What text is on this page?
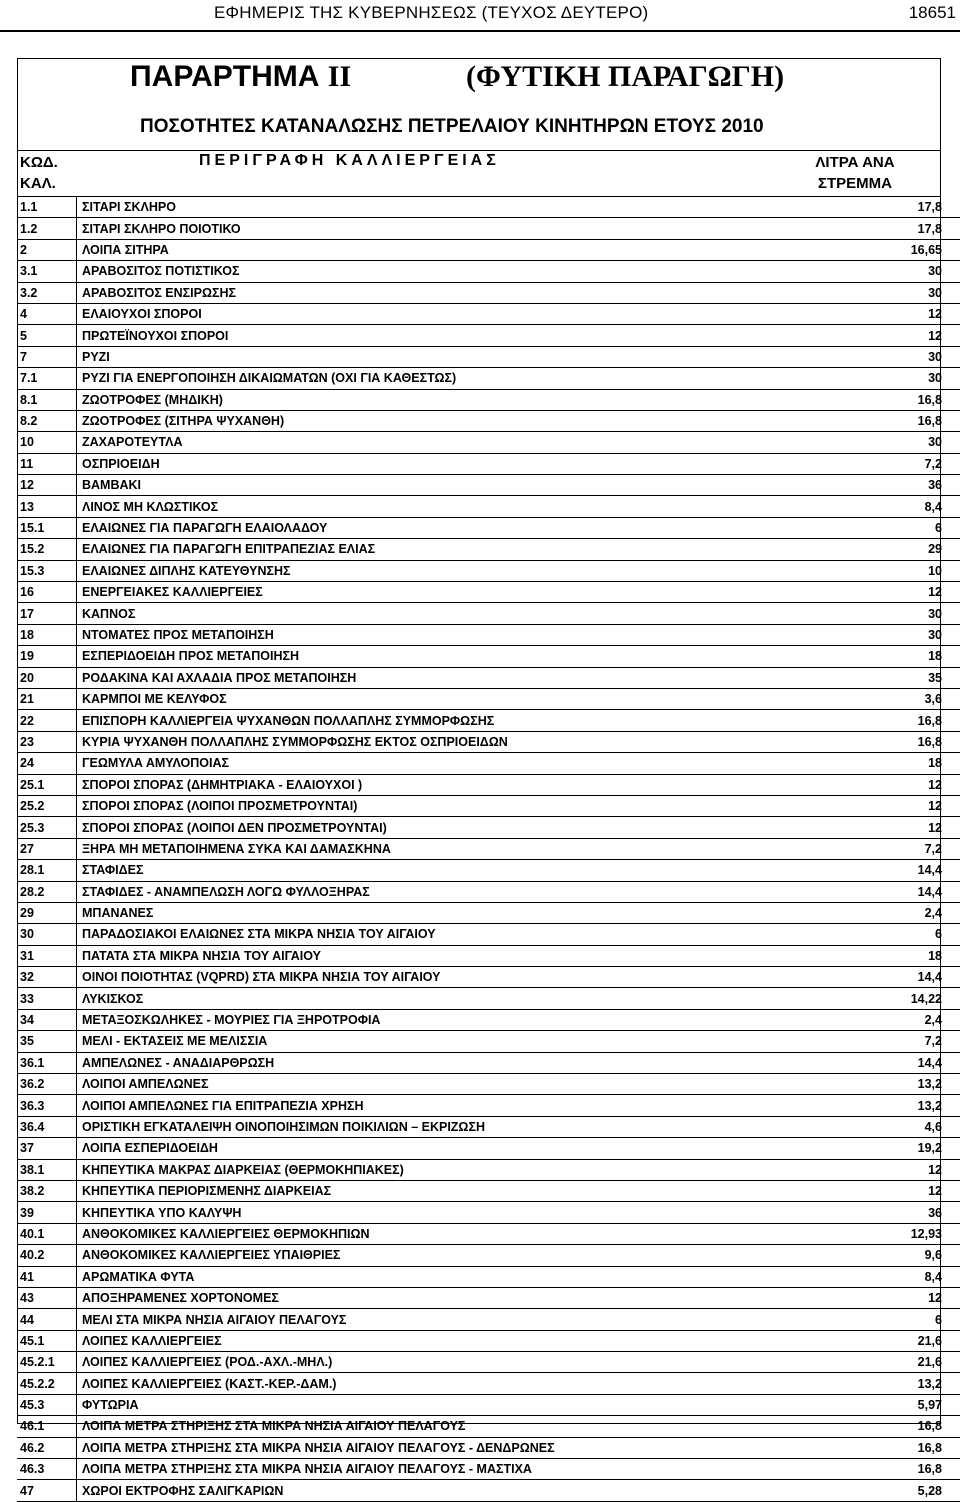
ΕΦΗΜΕΡΙΣ ΤΗΣ ΚΥΒΕΡΝΗΣΕΩΣ (ΤΕΥΧΟΣ ΔΕΥΤΕΡΟ)	18651
ΠΑΡΑΡΤΗΜΑ II	(ΦΥΤΙΚΗ ΠΑΡΑΓΩΓΗ)
ΠΟΣΟΤΗΤΕΣ ΚΑΤΑΝΑΛΩΣΗΣ ΠΕΤΡΕΛΑΙΟΥ ΚΙΝΗΤΗΡΩΝ ΕΤΟΥΣ 2010
ΚΩΔ.
ΚΑΛ.
ΠΕΡΙΓΡΑΦΗ ΚΑΛΛΙΕΡΓΕΙΑΣ	ΛΙΤΡΑ ΑΝΑ
ΣΤΡΕΜΜΑ
1.1	ΣΙΤΑΡΙ ΣΚΛΗΡΟ	17,8
1.2	ΣΙΤΑΡΙ ΣΚΛΗΡΟ ΠΟΙΟΤΙΚΟ	17,8
2	ΛΟΙΠΑ ΣΙΤΗΡΑ	16,65
3.1	ΑΡΑΒΟΣΙΤΟΣ ΠΟΤΙΣΤΙΚΟΣ	30
3.2	ΑΡΑΒΟΣΙΤΟΣ ΕΝΣΙΡΩΣΗΣ	30
4	ΕΛΑΙΟΥΧΟΙ ΣΠΟΡΟΙ	12
5	ΠΡΩΤΕΪΝΟΥΧΟΙ ΣΠΟΡΟΙ	12
7	ΡΥΖΙ	30
7.1	ΡΥΖΙ ΓΙΑ ΕΝΕΡΓΟΠΟΙΗΣΗ ΔΙΚΑΙΩΜΑΤΩΝ (ΟΧΙ ΓΙΑ ΚΑΘΕΣΤΩΣ)	30
8.1	ΖΩΟΤΡΟΦΕΣ (ΜΗΔΙΚΗ)	16,8
8.2	ΖΩΟΤΡΟΦΕΣ (ΣΙΤΗΡΑ ΨΥΧΑΝΘΗ)	16,8
10	ΖΑΧΑΡΟΤΕΥΤΛΑ	30
11	ΟΣΠΡΙΟΕΙΔΗ	7,2
12	ΒΑΜΒΑΚΙ	36
13	ΛΙΝΟΣ ΜΗ ΚΛΩΣΤΙΚΟΣ	8,4
15.1	ΕΛΑΙΩΝΕΣ ΓΙΑ ΠΑΡΑΓΩΓΗ ΕΛΑΙΟΛΑΔΟΥ	6
15.2	ΕΛΑΙΩΝΕΣ ΓΙΑ ΠΑΡΑΓΩΓΗ ΕΠΙΤΡΑΠΕΖΙΑΣ ΕΛΙΑΣ	29
15.3	ΕΛΑΙΩΝΕΣ ΔΙΠΛΗΣ ΚΑΤΕΥΘΥΝΣΗΣ	10
16	ΕΝΕΡΓΕΙΑΚΕΣ ΚΑΛΛΙΕΡΓΕΙΕΣ	12
17	ΚΑΠΝΟΣ	30
18	ΝΤΟΜΑΤΕΣ ΠΡΟΣ ΜΕΤΑΠΟΙΗΣΗ	30
19	ΕΣΠΕΡΙΔΟΕΙΔΗ ΠΡΟΣ ΜΕΤΑΠΟΙΗΣΗ	18
20	ΡΟΔΑΚΙΝΑ ΚΑΙ ΑΧΛΑΔΙΑ ΠΡΟΣ ΜΕΤΑΠΟΙΗΣΗ	35
21	ΚΑΡΜΠΟΙ ΜΕ ΚΕΛΥΦΟΣ	3,6
22	ΕΠΙΣΠΟΡΗ ΚΑΛΛΙΕΡΓΕΙΑ ΨΥΧΑΝΘΩΝ ΠΟΛΛΑΠΛΗΣ ΣΥΜΜΟΡΦΩΣΗΣ	16,8
23	ΚΥΡΙΑ ΨΥΧΑΝΘΗ ΠΟΛΛΑΠΛΗΣ ΣΥΜΜΟΡΦΩΣΗΣ ΕΚΤΟΣ ΟΣΠΡΙΟΕΙΔΩΝ	16,8
24	ΓΕΩΜΥΛΑ ΑΜΥΛΟΠΟΙΑΣ	18
25.1	ΣΠΟΡΟΙ ΣΠΟΡΑΣ (ΔΗΜΗΤΡΙΑΚΑ - ΕΛΑΙΟΥΧΟΙ )	12
25.2	ΣΠΟΡΟΙ ΣΠΟΡΑΣ (ΛΟΙΠΟΙ ΠΡΟΣΜΕΤΡΟΥΝΤΑΙ)	12
25.3	ΣΠΟΡΟΙ ΣΠΟΡΑΣ (ΛΟΙΠΟΙ ΔΕΝ ΠΡΟΣΜΕΤΡΟΥΝΤΑΙ)	12
27	ΞΗΡΑ ΜΗ ΜΕΤΑΠΟΙΗΜΕΝΑ ΣΥΚΑ ΚΑΙ ΔΑΜΑΣΚΗΝΑ	7,2
28.1	ΣΤΑΦΙΔΕΣ	14,4
28.2	ΣΤΑΦΙΔΕΣ - ΑΝΑΜΠΕΛΩΣΗ ΛΟΓΩ ΦΥΛΛΟΞΗΡΑΣ	14,4
29	ΜΠΑΝΑΝΕΣ	2,4
30	ΠΑΡΑΔΟΣΙΑΚΟΙ ΕΛΑΙΩΝΕΣ ΣΤΑ ΜΙΚΡΑ ΝΗΣΙΑ ΤΟΥ ΑΙΓΑΙΟΥ	6
31	ΠΑΤΑΤΑ ΣΤΑ ΜΙΚΡΑ ΝΗΣΙΑ ΤΟΥ ΑΙΓΑΙΟΥ	18
32	ΟΙΝΟΙ ΠΟΙΟΤΗΤΑΣ (VQPRD) ΣΤΑ ΜΙΚΡΑ ΝΗΣΙΑ ΤΟΥ ΑΙΓΑΙΟΥ	14,4
33	ΛΥΚΙΣΚΟΣ	14,22
34	ΜΕΤΑΞΟΣΚΩΛΗΚΕΣ - ΜΟΥΡΙΕΣ ΓΙΑ ΞΗΡΟΤΡΟΦΙΑ	2,4
35	ΜΕΛΙ - ΕΚΤΑΣΕΙΣ ΜΕ ΜΕΛΙΣΣΙΑ	7,2
36.1	ΑΜΠΕΛΩΝΕΣ - ΑΝΑΔΙΑΡΘΡΩΣΗ	14,4
36.2	ΛΟΙΠΟΙ ΑΜΠΕΛΩΝΕΣ	13,2
36.3	ΛΟΙΠΟΙ ΑΜΠΕΛΩΝΕΣ ΓΙΑ ΕΠΙΤΡΑΠΕΖΙΑ ΧΡΗΣΗ	13,2
36.4	ΟΡΙΣΤΙΚΗ ΕΓΚΑΤΑΛΕΙΨΗ ΟΙΝΟΠΟΙΗΣΙΜΩΝ ΠΟΙΚΙΛΙΩΝ – ΕΚΡΙΖΩΣΗ	4,6
37	ΛΟΙΠΑ ΕΣΠΕΡΙΔΟΕΙΔΗ	19,2
38.1	ΚΗΠΕΥΤΙΚΑ ΜΑΚΡΑΣ ΔΙΑΡΚΕΙΑΣ (ΘΕΡΜΟΚΗΠΙΑΚΕΣ)	12
38.2	ΚΗΠΕΥΤΙΚΑ ΠΕΡΙΟΡΙΣΜΕΝΗΣ ΔΙΑΡΚΕΙΑΣ	12
39	ΚΗΠΕΥΤΙΚΑ ΥΠΟ ΚΑΛΥΨΗ	36
40.1	ΑΝΘΟΚΟΜΙΚΕΣ ΚΑΛΛΙΕΡΓΕΙΕΣ ΘΕΡΜΟΚΗΠΙΩΝ	12,93
40.2	ΑΝΘΟΚΟΜΙΚΕΣ ΚΑΛΛΙΕΡΓΕΙΕΣ ΥΠΑΙΘΡΙΕΣ	9,6
41	ΑΡΩΜΑΤΙΚΑ ΦΥΤΑ	8,4
43	ΑΠΟΞΗΡΑΜΕΝΕΣ ΧΟΡΤΟΝΟΜΕΣ	12
44	ΜΕΛΙ ΣΤΑ ΜΙΚΡΑ ΝΗΣΙΑ ΑΙΓΑΙΟΥ ΠΕΛΑΓΟΥΣ	6
45.1	ΛΟΙΠΕΣ ΚΑΛΛΙΕΡΓΕΙΕΣ	21,6
45.2.1	ΛΟΙΠΕΣ ΚΑΛΛΙΕΡΓΕΙΕΣ (ΡΟΔ.-ΑΧΛ.-ΜΗΛ.)	21,6
45.2.2	ΛΟΙΠΕΣ ΚΑΛΛΙΕΡΓΕΙΕΣ (ΚΑΣΤ.-ΚΕΡ.-ΔΑΜ.)	13,2
45.3	ΦΥΤΩΡΙΑ	5,97
46.1	ΛΟΙΠΑ ΜΕΤΡΑ ΣΤΗΡΙΞΗΣ ΣΤΑ ΜΙΚΡΑ ΝΗΣΙΑ ΑΙΓΑΙΟΥ ΠΕΛΑΓΟΥΣ	16,8
46.2	ΛΟΙΠΑ ΜΕΤΡΑ ΣΤΗΡΙΞΗΣ ΣΤΑ ΜΙΚΡΑ ΝΗΣΙΑ ΑΙΓΑΙΟΥ ΠΕΛΑΓΟΥΣ - ΔΕΝΔΡΩΝΕΣ	16,8
46.3	ΛΟΙΠΑ ΜΕΤΡΑ ΣΤΗΡΙΞΗΣ ΣΤΑ ΜΙΚΡΑ ΝΗΣΙΑ ΑΙΓΑΙΟΥ ΠΕΛΑΓΟΥΣ - ΜΑΣΤΙΧΑ	16,8
47	ΧΩΡΟΙ ΕΚΤΡΟΦΗΣ ΣΑΛΙΓΚΑΡΙΩΝ	5,28
